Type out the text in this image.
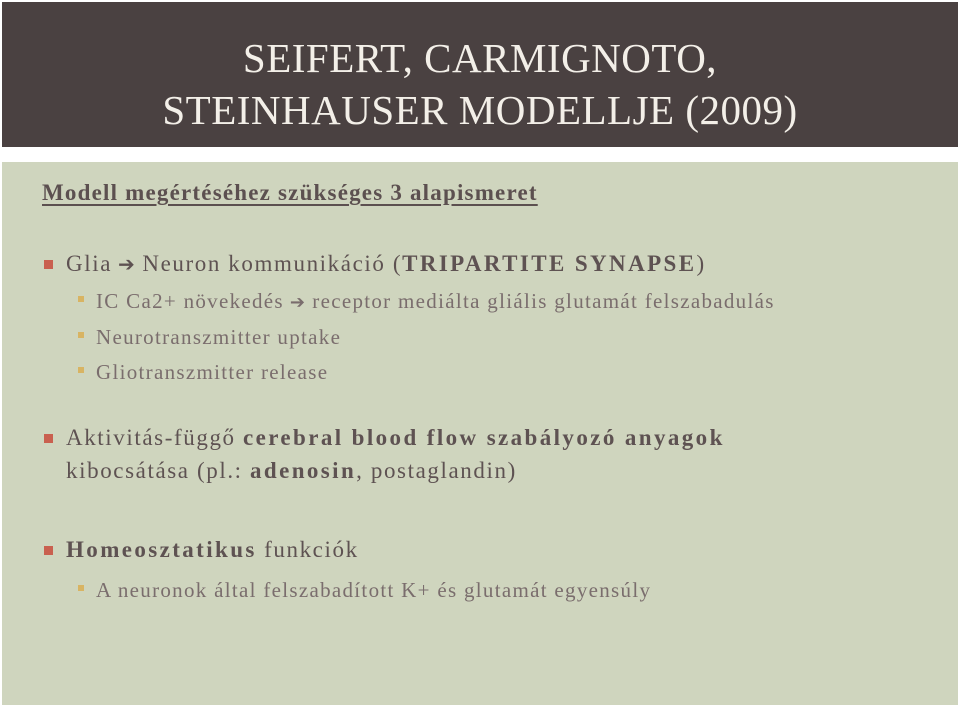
SEIFERT, CARMIGNOTO,
STEINHAUSER MODELLJE (2009)
Modell megértéséhez szükséges 3 alapismeret
Glia ➔ Neuron kommunikáció (TRIPARTITE SYNAPSE)
IC Ca2+ növekedés ➔ receptor mediálta gliális glutamát felszabadulás
Neurotranszmitter uptake
Gliotranszmitter release
Aktivitás-függő cerebral blood flow szabályozó anyagok
kibocsátása (pl.: adenosin, postaglandin)
Homeosztatikus funkciók
A neuronok által felszabadított K+ és glutamát egyensúly
